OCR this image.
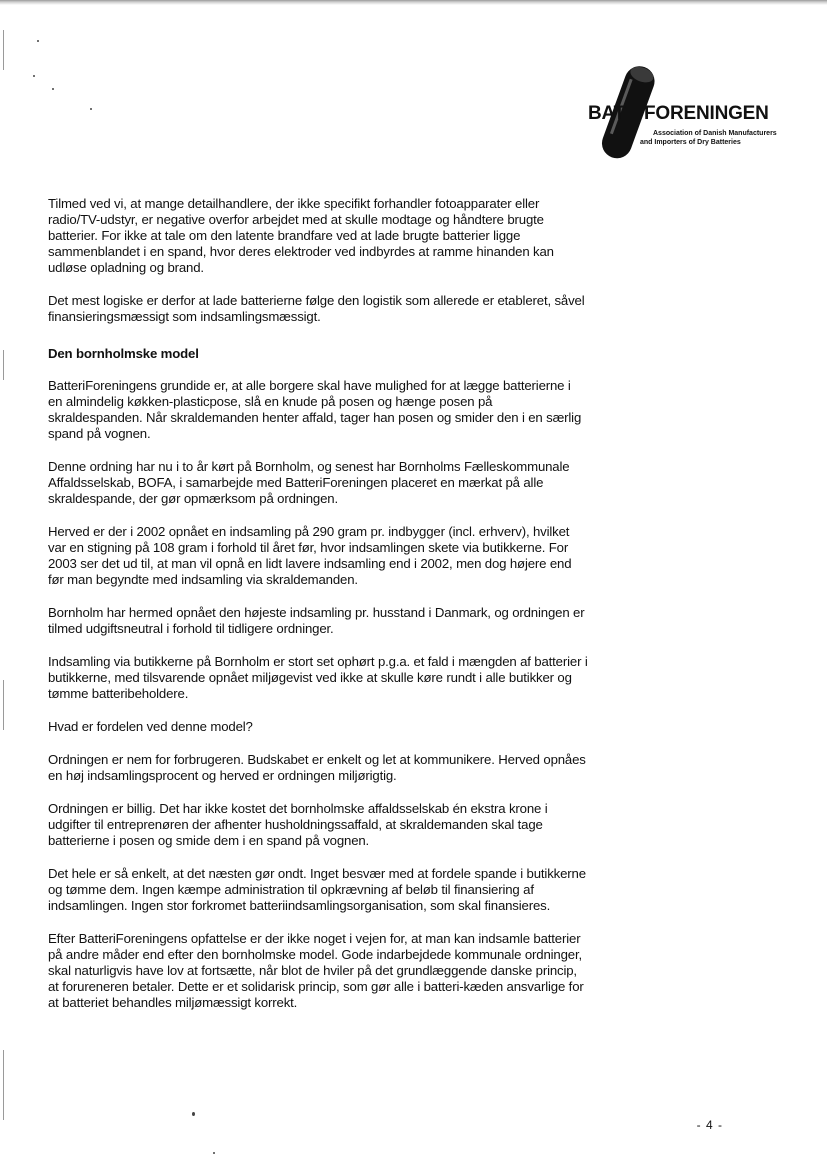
BAT FORENINGEN
Association of Danish Manufacturers
and Importers of Dry Batteries

Tilmed ved vi, at mange detailhandlere, der ikke specifikt forhandler fotoapparater eller radio/TV-udstyr, er negative overfor arbejdet med at skulle modtage og håndtere brugte batterier. For ikke at tale om den latente brandfare ved at lade brugte batterier ligge sammenblandet i en spand, hvor deres elektroder ved indbyrdes at ramme hinanden kan udløse opladning og brand.

Det mest logiske er derfor at lade batterierne følge den logistik som allerede er etableret, såvel finansieringsmæssigt som indsamlingsmæssigt.

Den bornholmske model

BatteriForeningens grundide er, at alle borgere skal have mulighed for at lægge batterierne i en almindelig køkken-plasticpose, slå en knude på posen og hænge posen på skraldespanden. Når skraldemanden henter affald, tager han posen og smider den i en særlig spand på vognen.

Denne ordning har nu i to år kørt på Bornholm, og senest har Bornholms Fælleskommunale Affaldsselskab, BOFA, i samarbejde med BatteriForeningen placeret en mærkat på alle skraldespande, der gør opmærksom på ordningen.

Herved er der i 2002 opnået en indsamling på 290 gram pr. indbygger (incl. erhverv), hvilket var en stigning på 108 gram i forhold til året før, hvor indsamlingen skete via butikkerne. For 2003 ser det ud til, at man vil opnå en lidt lavere indsamling end i 2002, men dog højere end før man begyndte med indsamling via skraldemanden.

Bornholm har hermed opnået den højeste indsamling pr. husstand i Danmark, og ordningen er tilmed udgiftsneutral i forhold til tidligere ordninger.

Indsamling via butikkerne på Bornholm er stort set ophørt p.g.a. et fald i mængden af batterier i butikkerne, med tilsvarende opnået miljøgevist ved ikke at skulle køre rundt i alle butikker og tømme batteribeholdere.

Hvad er fordelen ved denne model?

Ordningen er nem for forbrugeren. Budskabet er enkelt og let at kommunikere. Herved opnåes en høj indsamlingsprocent og herved er ordningen miljørigtig.

Ordningen er billig. Det har ikke kostet det bornholmske affaldsselskab én ekstra krone i udgifter til entreprenøren der afhenter husholdningssaffald, at skraldemanden skal tage batterierne i posen og smide dem i en spand på vognen.

Det hele er så enkelt, at det næsten gør ondt. Inget besvær med at fordele spande i butikkerne og tømme dem. Ingen kæmpe administration til opkrævning af beløb til finansiering af indsamlingen. Ingen stor forkromet batteriindsamlingsorganisation, som skal finansieres.

Efter BatteriForeningens opfattelse er der ikke noget i vejen for, at man kan indsamle batterier på andre måder end efter den bornholmske model. Gode indarbejdede kommunale ordninger, skal naturligvis have lov at fortsætte, når blot de hviler på det grundlæggende danske princip, at forureneren betaler. Dette er et solidarisk princip, som gør alle i batteri-kæden ansvarlige for at batteriet behandles miljømæssigt korrekt.

- 4 -
